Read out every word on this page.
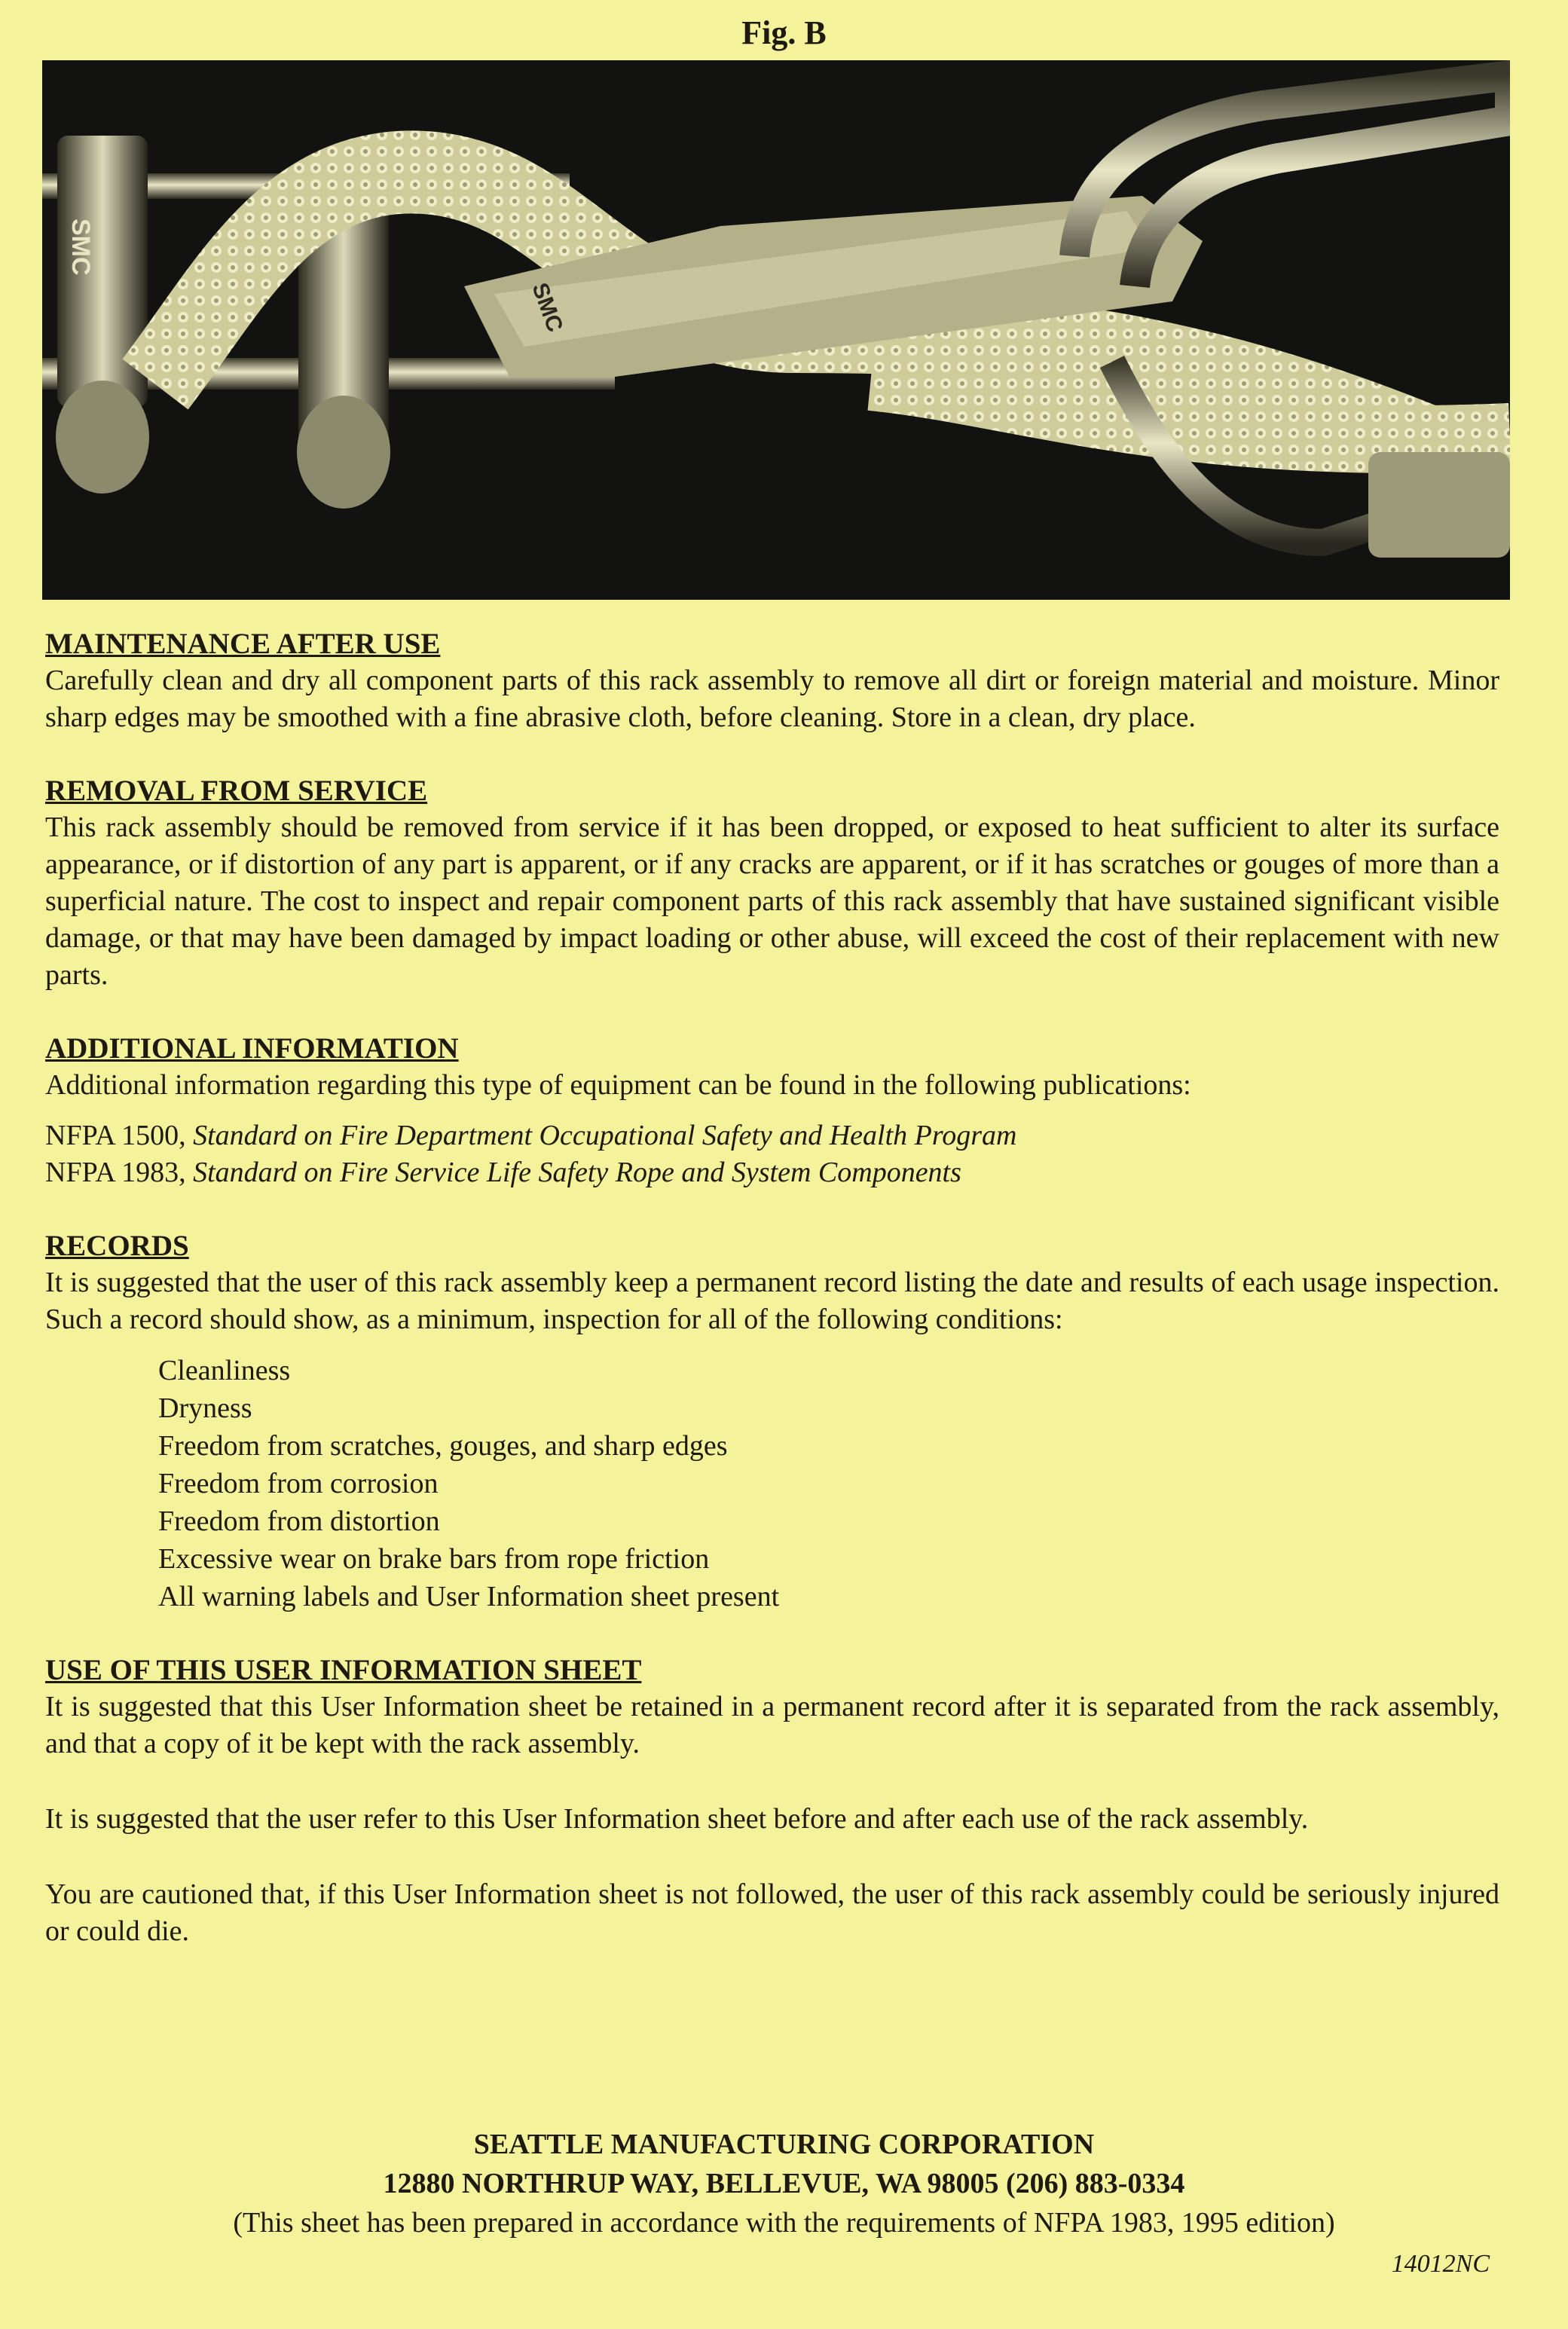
Fig. B
SMC
SMC
MAINTENANCE AFTER USE

Carefully clean and dry all component parts of this rack assembly to remove all dirt or foreign material and moisture. Minor sharp edges may be smoothed with a fine abrasive cloth, before cleaning. Store in a clean, dry place.

REMOVAL FROM SERVICE

This rack assembly should be removed from service if it has been dropped, or exposed to heat sufficient to alter its surface appearance, or if distortion of any part is apparent, or if any cracks are apparent, or if it has scratches or gouges of more than a superficial nature. The cost to inspect and repair component parts of this rack assembly that have sustained significant visible damage, or that may have been damaged by impact loading or other abuse, will exceed the cost of their replacement with new parts.

ADDITIONAL INFORMATION

Additional information regarding this type of equipment can be found in the following publications:

NFPA 1500, Standard on Fire Department Occupational Safety and Health Program

NFPA 1983, Standard on Fire Service Life Safety Rope and System Components

RECORDS

It is suggested that the user of this rack assembly keep a permanent record listing the date and results of each usage inspection. Such a record should show, as a minimum, inspection for all of the following conditions:

Cleanliness
Dryness
Freedom from scratches, gouges, and sharp edges
Freedom from corrosion
Freedom from distortion
Excessive wear on brake bars from rope friction
All warning labels and User Information sheet present
USE OF THIS USER INFORMATION SHEET

It is suggested that this User Information sheet be retained in a permanent record after it is separated from the rack assembly, and that a copy of it be kept with the rack assembly.

It is suggested that the user refer to this User Information sheet before and after each use of the rack assembly.

You are cautioned that, if this User Information sheet is not followed, the user of this rack assembly could be seriously injured or could die.

SEATTLE MANUFACTURING CORPORATION
12880 NORTHRUP WAY, BELLEVUE, WA 98005 (206) 883-0334
(This sheet has been prepared in accordance with the requirements of NFPA 1983, 1995 edition)
14012NC
